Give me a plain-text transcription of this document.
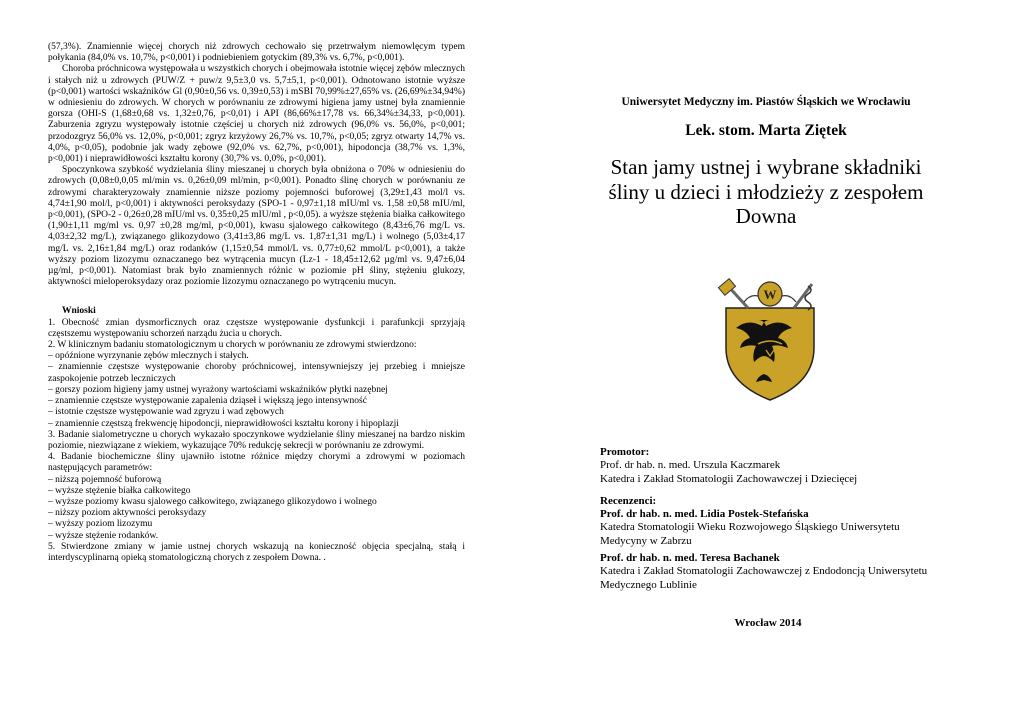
(57,3%). Znamiennie więcej chorych niż zdrowych cechowało się przetrwałym niemowlęcym typem połykania (84,0% vs. 10,7%, p<0,001) i podniebieniem gotyckim (89,3% vs. 6,7%, p<0,001).

Choroba próchnicowa występowała u wszystkich chorych i obejmowała istotnie więcej zębów mlecznych i stałych niż u zdrowych (PUW/Z + puw/z 9,5±3,0 vs. 5,7±5,1, p<0,001). Odnotowano istotnie wyższe (p<0,001) wartości wskaźników Gl (0,90±0,56 vs. 0,39±0,53) i mSBI 70,99%±27,65% vs. (26,69%±34,94%) w odniesieniu do zdrowych. W chorych w porównaniu ze zdrowymi higiena jamy ustnej była znamiennie gorsza (OHI-S (1,68±0,68 vs. 1,32±0,76, p<0,01) i API (86,66%±17,78 vs. 66,34%±34,33, p<0,001). Zaburzenia zgryzu występowały istotnie częściej u chorych niż zdrowych (96,0% vs. 56,0%, p<0,001; przodozgryz 56,0% vs. 12,0%, p<0,001; zgryz krzyżowy 26,7% vs. 10,7%, p<0,05; zgryz otwarty 14,7% vs. 4,0%, p<0,05), podobnie jak wady zębowe (92,0% vs. 62,7%, p<0,001), hipodoncja (38,7% vs. 1,3%, p<0,001) i nieprawidłowości kształtu korony (30,7% vs. 0,0%, p<0,001).

Spoczynkowa szybkość wydzielania śliny mieszanej u chorych była obniżona o 70% w odniesieniu do zdrowych (0,08±0,0,05 ml/min vs. 0,26±0,09 ml/min, p<0,001). Ponadto ślinę chorych w porównaniu ze zdrowymi charakteryzowały znamiennie niższe poziomy pojemności buforowej (3,29±1,43 mol/l vs. 4,74±1,90 mol/l, p<0,001) i aktywności peroksydazy (SPO-1 - 0,97±1,18 mIU/ml vs. 1,58 ±0,58 mIU/ml, p<0,001), (SPO-2 - 0,26±0,28 mIU/ml vs. 0,35±0,25 mIU/ml , p<0,05). a wyższe stężenia białka całkowitego (1,90±1,11 mg/ml vs. 0,97 ±0,28 mg/ml, p<0,001), kwasu sjalowego całkowitego (8,43±6,76 mg/L vs. 4,03±2,32 mg/L), związanego glikozydowo (3,41±3,86 mg/L vs. 1,87±1,31 mg/L) i wolnego (5,03±4,17 mg/L vs. 2,16±1,84 mg/L) oraz rodanków (1,15±0,54 mmol/L vs. 0,77±0,62 mmol/L p<0,001), a także wyższy poziom lizozymu oznaczanego bez wytrącenia mucyn (Lz-1 - 18,45±12,62 µg/ml vs. 9,47±6,04 µg/ml, p<0,001). Natomiast brak było znamiennych różnic w poziomie pH śliny, stężeniu glukozy, aktywności mieloperoksydazy oraz poziomie lizozymu oznaczanego po wytrąceniu mucyn.

Wnioski

1. Obecność zmian dysmorficznych oraz częstsze występowanie dysfunkcji i parafunkcji sprzyjają częstszemu występowaniu schorzeń narządu żucia u chorych.

2. W klinicznym badaniu stomatologicznym u chorych w porównaniu ze zdrowymi stwierdzono:

– opóźnione wyrzynanie zębów mlecznych i stałych.

– znamiennie częstsze występowanie choroby próchnicowej, intensywniejszy jej przebieg i mniejsze zaspokojenie potrzeb leczniczych

– gorszy poziom higieny jamy ustnej wyrażony wartościami wskaźników płytki nazębnej

– znamiennie częstsze występowanie zapalenia dziąseł i większą jego intensywność

– istotnie częstsze występowanie wad zgryzu i wad zębowych

– znamiennie częstszą frekwencję hipodoncji, nieprawidłowości kształtu korony i hipoplazji

3. Badanie sialometryczne u chorych wykazało spoczynkowe wydzielanie śliny mieszanej na bardzo niskim poziomie, niezwiązane z wiekiem, wykazujące 70% redukcję sekrecji w porównaniu ze zdrowymi.

4. Badanie biochemiczne śliny ujawniło istotne różnice między chorymi a zdrowymi w poziomach następujących parametrów:

– niższą pojemność buforową

– wyższe stężenie białka całkowitego

– wyższe poziomy kwasu sjalowego całkowitego, związanego glikozydowo i wolnego

– niższy poziom aktywności peroksydazy

– wyższy poziom lizozymu

– wyższe stężenie rodanków.

5. Stwierdzone zmiany w jamie ustnej chorych wskazują na konieczność objęcia specjalną, stałą i interdyscyplinarną opieką stomatologiczną chorych z zespołem Downa. .

Uniwersytet Medyczny im. Piastów Śląskich we Wrocławiu
Lek. stom. Marta Ziętek
Stan jamy ustnej i wybrane składniki śliny u dzieci i młodzieży z zespołem Downa
W
Promotor:
Prof. dr hab. n. med. Urszula Kaczmarek
Katedra i Zakład Stomatologii Zachowawczej i Dziecięcej
Recenzenci:
Prof. dr hab. n. med. Lidia Postek-Stefańska
Katedra Stomatologii Wieku Rozwojowego Śląskiego Uniwersytetu Medycyny w Zabrzu
Prof. dr hab. n. med. Teresa Bachanek
Katedra i Zakład Stomatologii Zachowawczej z Endodoncją Uniwersytetu Medycznego Lublinie
Wrocław 2014
